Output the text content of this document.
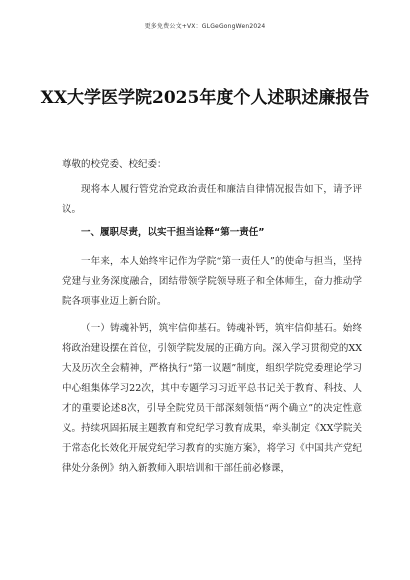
更多免费公文+VX：GLGeGongWen2024
XX大学医学院2025年度个人述职述廉报告
尊敬的校党委、校纪委：

现将本人履行管党治党政治责任和廉洁自律情况报告如下，请予评议。

一、履职尽责，以实干担当诠释“第一责任”

一年来，本人始终牢记作为学院“第一责任人”的使命与担当，坚持党建与业务深度融合，团结带领学院领导班子和全体师生，奋力推动学院各项事业迈上新台阶。

（一）铸魂补钙，筑牢信仰基石。铸魂补钙，筑牢信仰基石。始终将政治建设摆在首位，引领学院发展的正确方向。深入学习贯彻党的XX大及历次全会精神，严格执行“第一议题”制度，组织学院党委理论学习中心组集体学习22次，其中专题学习习近平总书记关于教育、科技、人才的重要论述8次，引导全院党员干部深刻领悟“两个确立”的决定性意义。持续巩固拓展主题教育和党纪学习教育成果，牵头制定《XX学院关于常态化长效化开展党纪学习教育的实施方案》，将学习《中国共产党纪律处分条例》纳入新教师入职培训和干部任前必修课，
